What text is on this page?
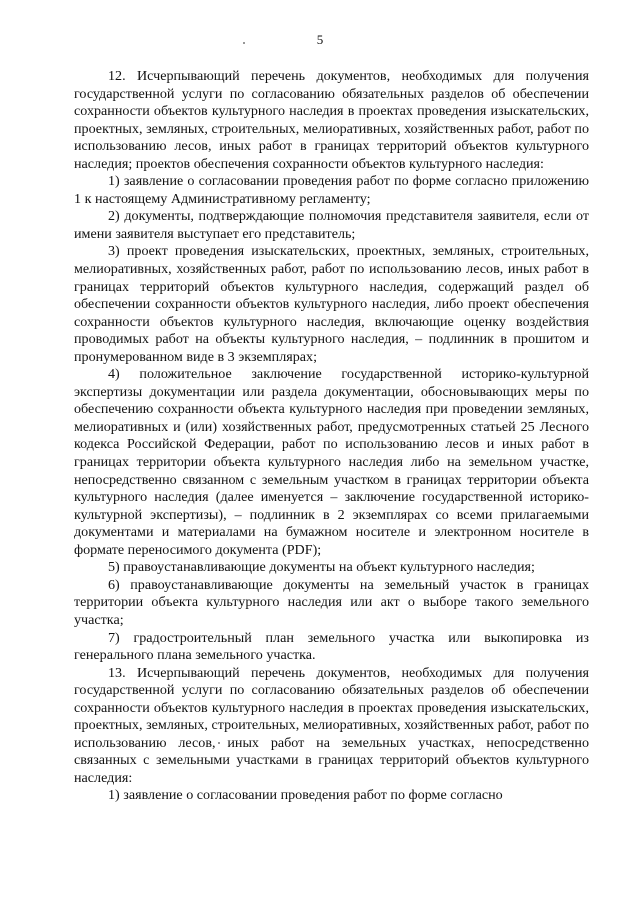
5

12. Исчерпывающий перечень документов, необходимых для получения государственной услуги по согласованию обязательных разделов об обеспечении сохранности объектов культурного наследия в проектах проведения изыскательских, проектных, земляных, строительных, мелиоративных, хозяйственных работ, работ по использованию лесов, иных работ в границах территорий объектов культурного наследия; проектов обеспечения сохранности объектов культурного наследия:

1) заявление о согласовании проведения работ по форме согласно приложению 1 к настоящему Административному регламенту;

2) документы, подтверждающие полномочия представителя заявителя, если от имени заявителя выступает его представитель;

3) проект проведения изыскательских, проектных, земляных, строительных, мелиоративных, хозяйственных работ, работ по использованию лесов, иных работ в границах территорий объектов культурного наследия, содержащий раздел об обеспечении сохранности объектов культурного наследия, либо проект обеспечения сохранности объектов культурного наследия, включающие оценку воздействия проводимых работ на объекты культурного наследия, – подлинник в прошитом и пронумерованном виде в 3 экземплярах;

4) положительное заключение государственной историко-культурной экспертизы документации или раздела документации, обосновывающих меры по обеспечению сохранности объекта культурного наследия при проведении земляных, мелиоративных и (или) хозяйственных работ, предусмотренных статьей 25 Лесного кодекса Российской Федерации, работ по использованию лесов и иных работ в границах территории объекта культурного наследия либо на земельном участке, непосредственно связанном с земельным участком в границах территории объекта культурного наследия (далее именуется – заключение государственной историко-культурной экспертизы), – подлинник в 2 экземплярах со всеми прилагаемыми документами и материалами на бумажном носителе и электронном носителе в формате переносимого документа (PDF);

5) правоустанавливающие документы на объект культурного наследия;

6) правоустанавливающие документы на земельный участок в границах территории объекта культурного наследия или акт о выборе такого земельного участка;

7) градостроительный план земельного участка или выкопировка из генерального плана земельного участка.

13. Исчерпывающий перечень документов, необходимых для получения государственной услуги по согласованию обязательных разделов об обеспечении сохранности объектов культурного наследия в проектах проведения изыскательских, проектных, земляных, строительных, мелиоративных, хозяйственных работ, работ по использованию лесов, иных работ на земельных участках, непосредственно связанных с земельными участками в границах территорий объектов культурного наследия:

1) заявление о согласовании проведения работ по форме согласно
